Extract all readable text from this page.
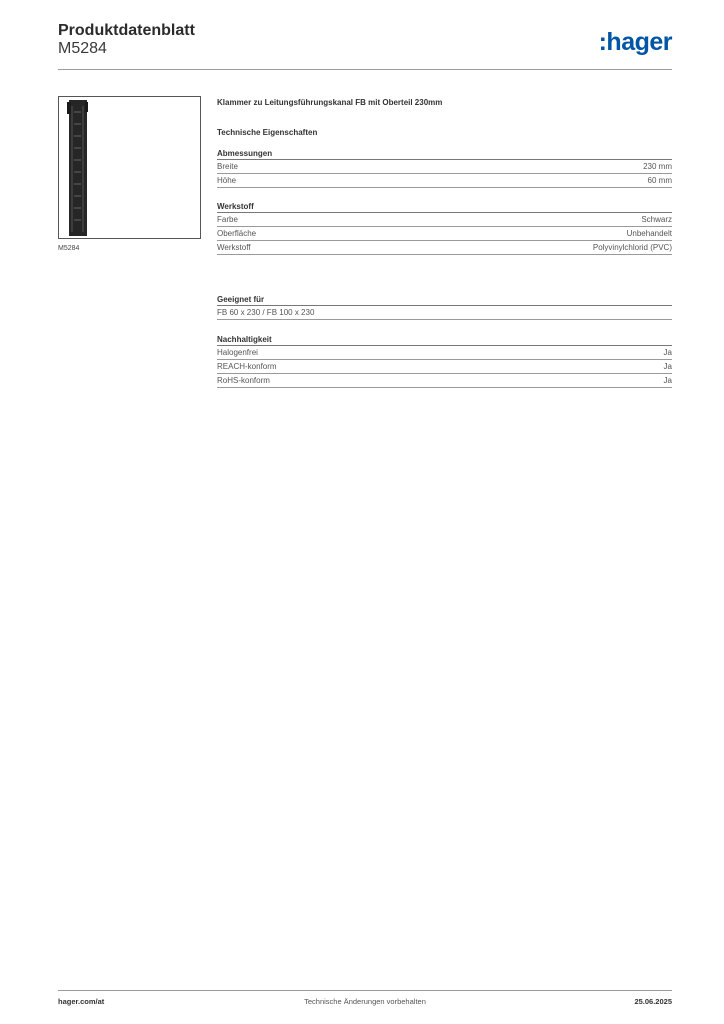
Produktdatenblatt
M5284	:hager
M5284
Klammer zu Leitungsführungskanal FB mit Oberteil 230mm
Technische Eigenschaften
Abmessungen
Breite	230 mm
Höhe	60 mm
Werkstoff
Farbe	Schwarz
Oberfläche	Unbehandelt
Werkstoff	Polyvinylchlorid (PVC)
Geeignet für
FB 60 x 230 / FB 100 x 230
Nachhaltigkeit
Halogenfrei	Ja
REACH-konform	Ja
RoHS-konform	Ja
hager.com/at	Technische Änderungen vorbehalten	25.06.2025
